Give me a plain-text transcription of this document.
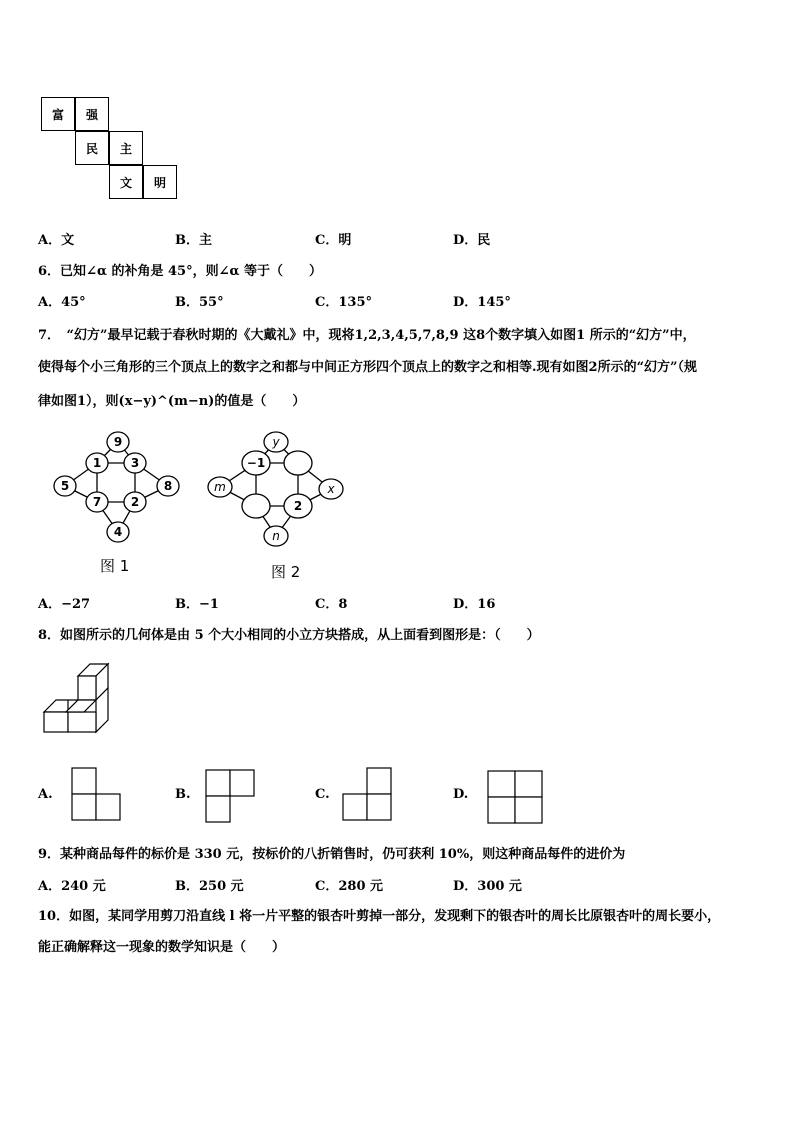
富	强
民	主
文	明
A．文	B．主	C．明	D．民
6．已知∠α 的补角是 45°，则∠α 等于（　　）
A．45°	B．55°	C．135°	D．145°
7．　“幻方”最早记载于春秋时期的《大戴礼》中，现将1,2,3,4,5,7,8,9 这8个数字填入如图1 所示的“幻方”中，
使得每个小三角形的三个顶点上的数字之和都与中间正方形四个顶点上的数字之和相等.现有如图2所示的“幻方”（规
律如图1），则(x−y)^(m−n)的值是（　　）
9
1 3
5	8
7 2
4
图 1
y
−1
m	x
2
n
图 2
A．−27	B．−1	C．8	D．16
8．如图所示的几何体是由 5 个大小相同的小立方块搭成，从上面看到图形是：（　　）
A.	B.	C.	D.
9．某种商品每件的标价是 330 元，按标价的八折销售时，仍可获利 10%，则这种商品每件的进价为
A．240 元	B．250 元	C．280 元	D．300 元
10．如图，某同学用剪刀沿直线 l 将一片平整的银杏叶剪掉一部分，发现剩下的银杏叶的周长比原银杏叶的周长要小，
能正确解释这一现象的数学知识是（　　）
